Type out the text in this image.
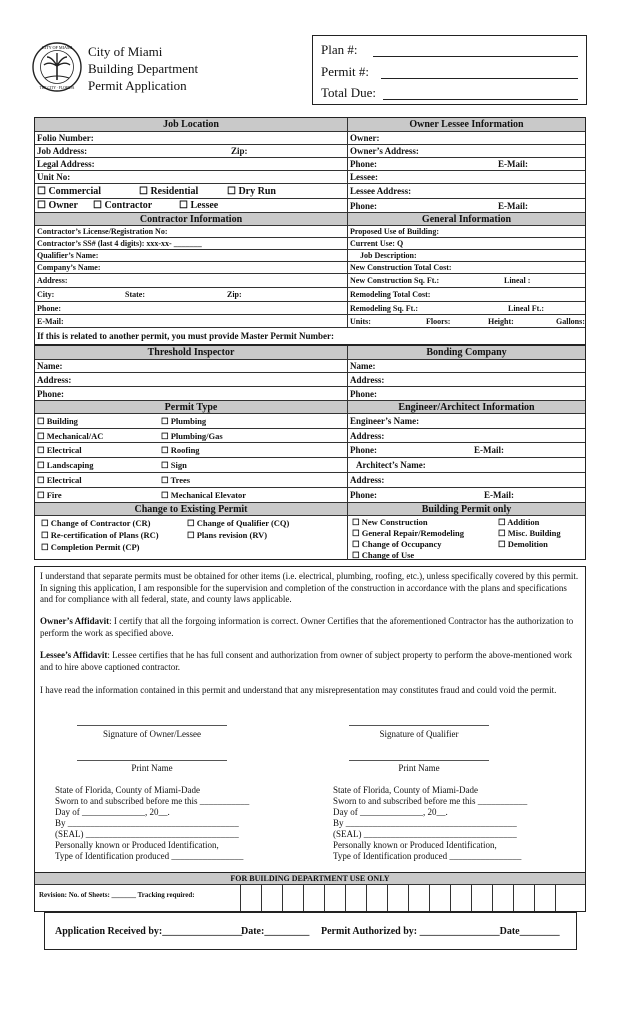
CITY OF MIAMI
THE CITY · FLORIDA
City of Miami
Building Department
Permit Application
Plan #:
Permit #:
Total Due:
Job Location	Owner Lessee Information
Folio Number:	Owner:
Job Address:	Zip:	Owner’s Address:
Legal Address:	Phone:	E-Mail:
Unit No:	Lessee:
☐ Commercial	☐ Residential	☐ Dry Run	Lessee Address:
☐ Owner ☐ Contractor	☐ Lessee	Phone:	E-Mail:
Contractor Information	General Information
Contractor’s License/Registration No:	Proposed Use of Building:
Contractor’s SS# (last 4 digits): xxx-xx- _______	Current Use: Q
Qualifier’s Name:	Job Description:
Company’s Name:	New Construction Total Cost:
Address:	New Construction Sq. Ft.:	Lineal :
City:	State:	Zip:	Remodeling Total Cost:
Phone:	Remodeling Sq. Ft.:	Lineal Ft.:
E-Mail:	Units:	Floors:	Height:	Gallons:
If this is related to another permit, you must provide Master Permit Number:
Threshold Inspector	Bonding Company
Name:	Name:
Address:	Address:
Phone:	Phone:
Permit Type	Engineer/Architect Information
☐ Building	☐ Plumbing	Engineer’s Name:
☐ Mechanical/AC	☐ Plumbing/Gas	Address:
☐ Electrical	☐ Roofing	Phone:	E-Mail:
☐ Landscaping	☐ Sign	Architect’s Name:
☐ Electrical	☐ Trees	Address:
☐ Fire	☐ Mechanical Elevator	Phone:	E-Mail:
Change to Existing Permit	Building Permit only
☐ Change of Contractor (CR)	☐ Change of Qualifier (CQ)
☐ Re-certification of Plans (RC)	☐ Plans revision (RV)
☐ Completion Permit (CP)
☐ New Construction	☐ Addition
☐ General Repair/Remodeling	☐ Misc. Building
☐ Change of Occupancy	☐ Demolition
☐ Change of Use
I understand that separate permits must be obtained for other items (i.e. electrical, plumbing, roofing, etc.), unless specifically covered by this permit. In signing this application, I am responsible for the supervision and completion of the construction in accordance with the plans and specifications and for compliance with all federal, state, and county laws applicable.
Owner’s Affidavit: I certify that all the forgoing information is correct. Owner Certifies that the aforementioned Contractor has the authorization to perform the work as specified above.
Lessee’s Affidavit: Lessee certifies that he has full consent and authorization from owner of subject property to perform the above-mentioned work and to hire above captioned contractor.
I have read the information contained in this permit and understand that any misrepresentation may constitutes fraud and could void the permit.
Signature of Owner/Lessee	Signature of Qualifier
Print Name	Print Name
State of Florida, County of Miami-Dade
Sworn to and subscribed before me this ___________
Day of ______________, 20__.
By ______________________________________
(SEAL) __________________________________
Personally known or Produced Identification,
Type of Identification produced ________________
State of Florida, County of Miami-Dade
Sworn to and subscribed before me this ___________
Day of ______________, 20__.
By ______________________________________
(SEAL) __________________________________
Personally known or Produced Identification,
Type of Identification produced ________________
FOR BUILDING DEPARTMENT USE ONLY
Revision: No. of Sheets: _______ Tracking required:
Application Received by:________________
Date:_________ Permit Authorized by: ________________Date________
